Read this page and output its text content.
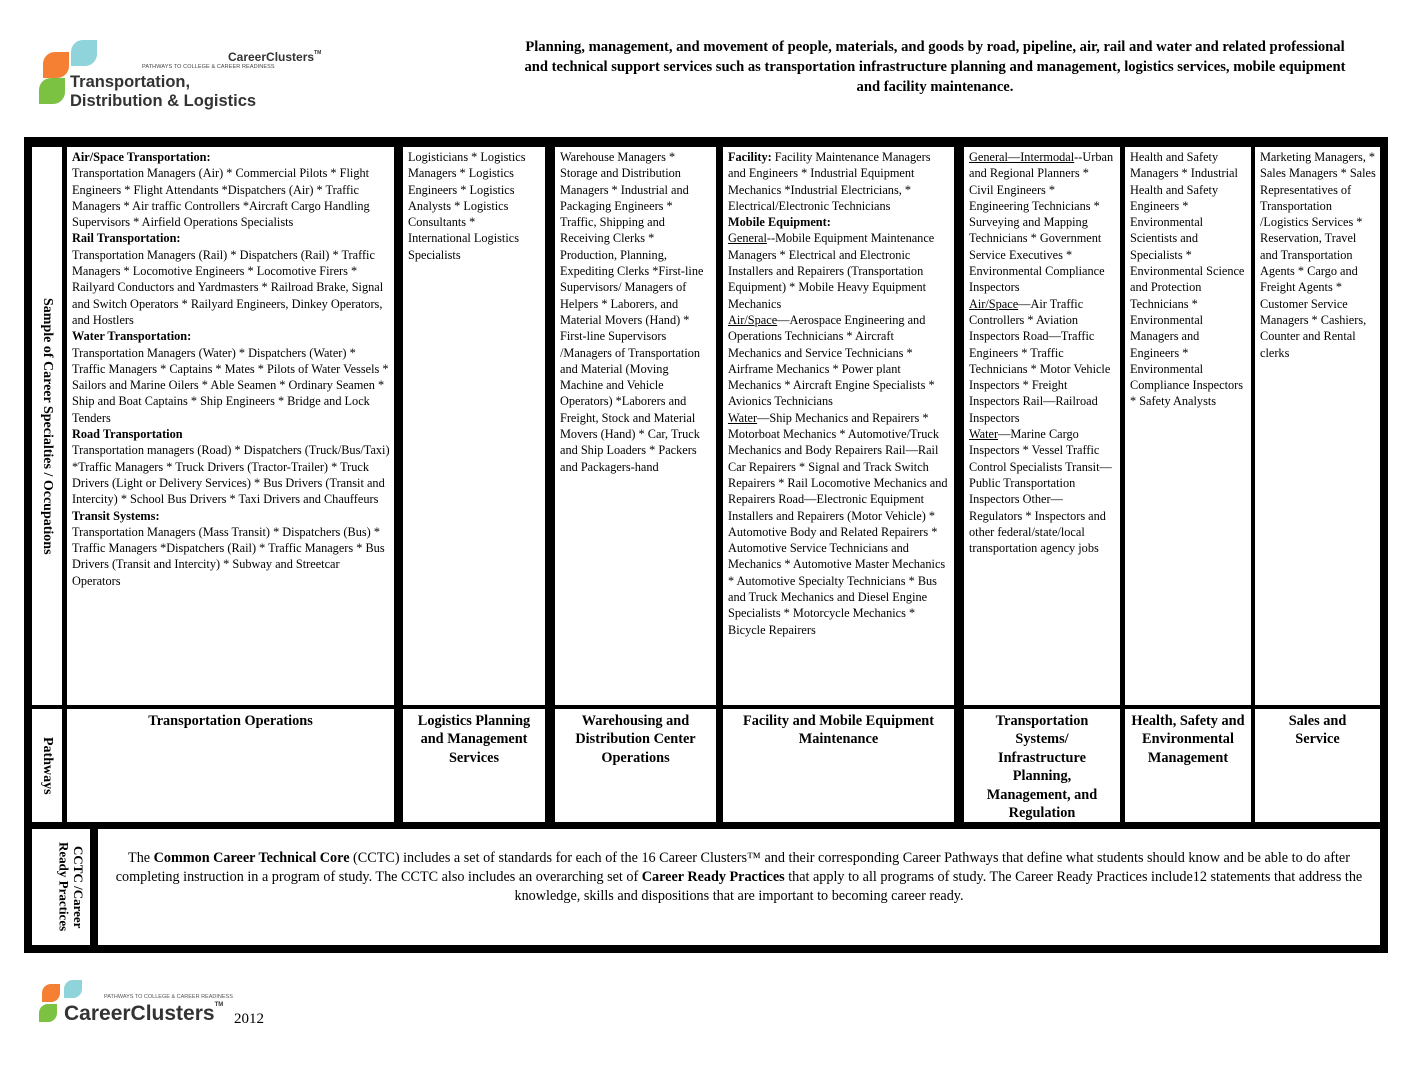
CareerClusters™
PATHWAYS TO COLLEGE & CAREER READINESS
Transportation,
Distribution & Logistics
Planning, management, and movement of people, materials, and goods by road, pipeline, air, rail and water and related professional and technical support services such as transportation infrastructure planning and management, logistics services, mobile equipment and facility maintenance.
Sample of Career Specialties / Occupations
Pathways
CCTC /Career Ready Practices

Air/Space Transportation:

Transportation Managers (Air) * Commercial Pilots * Flight Engineers * Flight Attendants *Dispatchers (Air) * Traffic Managers * Air traffic Controllers *Aircraft Cargo Handling Supervisors * Airfield Operations Specialists

Rail Transportation:

Transportation Managers (Rail) * Dispatchers (Rail) * Traffic Managers * Locomotive Engineers * Locomotive Firers * Railyard Conductors and Yardmasters * Railroad Brake, Signal and Switch Operators * Railyard Engineers, Dinkey Operators, and Hostlers

Water Transportation:

Transportation Managers (Water) * Dispatchers (Water) * Traffic Managers * Captains * Mates * Pilots of Water Vessels * Sailors and Marine Oilers * Able Seamen * Ordinary Seamen * Ship and Boat Captains * Ship Engineers * Bridge and Lock Tenders

Road Transportation

Transportation managers (Road) * Dispatchers (Truck/Bus/Taxi) *Traffic Managers * Truck Drivers (Tractor-Trailer) * Truck Drivers (Light or Delivery Services) * Bus Drivers (Transit and Intercity) * School Bus Drivers * Taxi Drivers and Chauffeurs

Transit Systems:

Transportation Managers (Mass Transit) * Dispatchers (Bus) * Traffic Managers *Dispatchers (Rail) * Traffic Managers * Bus Drivers (Transit and Intercity) * Subway and Streetcar Operators

Logisticians * Logistics Managers * Logistics Engineers * Logistics Analysts * Logistics Consultants * International Logistics Specialists

Warehouse Managers * Storage and Distribution Managers * Industrial and Packaging Engineers * Traffic, Shipping and Receiving Clerks * Production, Planning, Expediting Clerks *First-line Supervisors/ Managers of Helpers * Laborers, and Material Movers (Hand) * First-line Supervisors /Managers of Transportation and Material (Moving Machine and Vehicle Operators) *Laborers and Freight, Stock and Material Movers (Hand) * Car, Truck and Ship Loaders * Packers and Packagers-hand

Facility: Facility Maintenance Managers and Engineers * Industrial Equipment Mechanics *Industrial Electricians, * Electrical/Electronic Technicians

Mobile Equipment:

General--Mobile Equipment Maintenance Managers * Electrical and Electronic Installers and Repairers (Transportation Equipment) * Mobile Heavy Equipment Mechanics

Air/Space—Aerospace Engineering and Operations Technicians * Aircraft Mechanics and Service Technicians * Airframe Mechanics * Power plant Mechanics * Aircraft Engine Specialists * Avionics Technicians

Water—Ship Mechanics and Repairers * Motorboat Mechanics * Automotive/Truck Mechanics and Body Repairers Rail—Rail Car Repairers * Signal and Track Switch Repairers * Rail Locomotive Mechanics and Repairers Road—Electronic Equipment Installers and Repairers (Motor Vehicle) * Automotive Body and Related Repairers * Automotive Service Technicians and Mechanics * Automotive Master Mechanics * Automotive Specialty Technicians * Bus and Truck Mechanics and Diesel Engine Specialists * Motorcycle Mechanics * Bicycle Repairers

General—Intermodal--Urban and Regional Planners * Civil Engineers * Engineering Technicians * Surveying and Mapping Technicians * Government Service Executives * Environmental Compliance Inspectors

Air/Space—Air Traffic Controllers * Aviation Inspectors Road—Traffic Engineers * Traffic Technicians * Motor Vehicle Inspectors * Freight Inspectors Rail—Railroad Inspectors

Water—Marine Cargo Inspectors * Vessel Traffic Control Specialists Transit—Public Transportation Inspectors Other—Regulators * Inspectors and other federal/state/local transportation agency jobs

Health and Safety Managers * Industrial Health and Safety Engineers * Environmental Scientists and Specialists * Environmental Science and Protection Technicians * Environmental Managers and Engineers * Environmental Compliance Inspectors * Safety Analysts

Marketing Managers, * Sales Managers * Sales Representatives of Transportation /Logistics Services * Reservation, Travel and Transportation Agents * Cargo and Freight Agents * Customer Service Managers * Cashiers, Counter and Rental clerks

Transportation Operations	Logistics Planning and Management Services
Warehousing and Distribution Center Operations
Facility and Mobile Equipment Maintenance
Transportation Systems/ Infrastructure Planning, Management, and Regulation
Health, Safety and Environmental Management
Sales and Service
The Common Career Technical Core (CCTC) includes a set of standards for each of the 16 Career Clusters™ and their corresponding Career Pathways that define what students should know and be able to do after completing instruction in a program of study. The CCTC also includes an overarching set of Career Ready Practices that apply to all programs of study. The Career Ready Practices include12 statements that address the knowledge, skills and dispositions that are important to becoming career ready.
PATHWAYS TO COLLEGE & CAREER READINESS
CareerClusters™
2012
